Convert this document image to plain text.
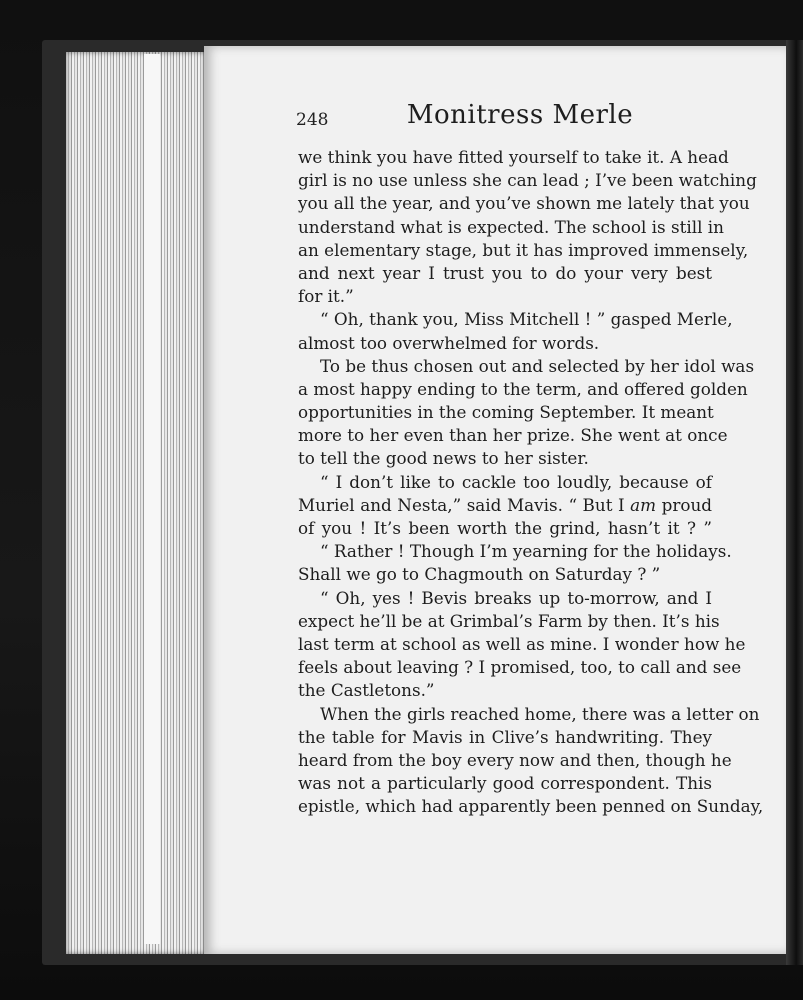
248	Monitress Merle
we think you have fitted yourself to take it. A head
girl is no use unless she can lead ; I’ve been watching
you all the year, and you’ve shown me lately that you
understand what is expected. The school is still in
an elementary stage, but it has improved immensely,
and next year I trust you to do your very best
for it.”
“ Oh, thank you, Miss Mitchell ! ” gasped Merle,
almost too overwhelmed for words.
To be thus chosen out and selected by her idol was
a most happy ending to the term, and offered golden
opportunities in the coming September. It meant
more to her even than her prize. She went at once
to tell the good news to her sister.
“ I don’t like to cackle too loudly, because of
Muriel and Nesta,” said Mavis. “ But I am proud
of you ! It’s been worth the grind, hasn’t it ? ”
“ Rather ! Though I’m yearning for the holidays.
Shall we go to Chagmouth on Saturday ? ”
“ Oh, yes ! Bevis breaks up to-morrow, and I
expect he’ll be at Grimbal’s Farm by then. It’s his
last term at school as well as mine. I wonder how he
feels about leaving ? I promised, too, to call and see
the Castletons.”
When the girls reached home, there was a letter on
the table for Mavis in Clive’s handwriting. They
heard from the boy every now and then, though he
was not a particularly good correspondent. This
epistle, which had apparently been penned on Sunday,
